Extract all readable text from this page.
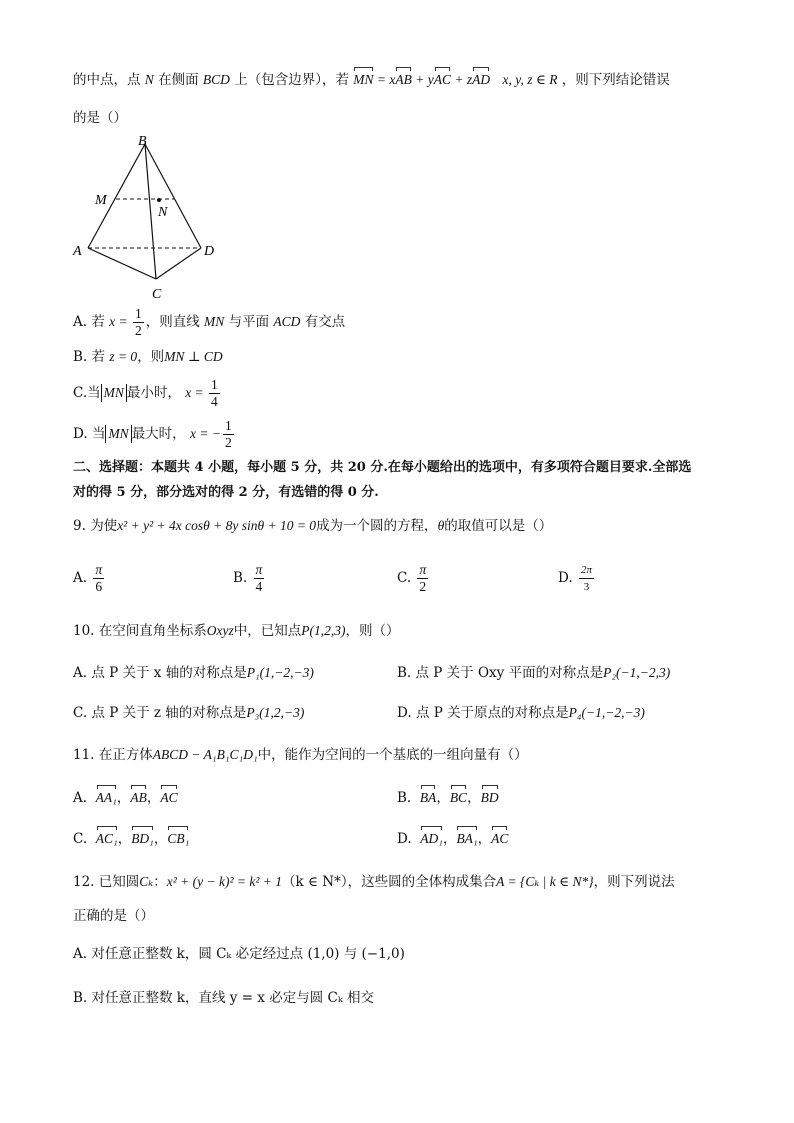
的中点，点 N 在侧面 BCD 上（包含边界），若 MN = xAB + yAC + zAD x, y, z ∈ R ，则下列结论错误
的是（）
B
M
N
A	D
C
A. 若 $x = \frac{1}{2}$ ，则直线 MN 与平面 ACD 有交点
B. 若 z = 0，则MN ⊥ CD
C.当 MN 最小时， $x = \frac{1}{4}$
D. 当 MN 最大时， x = − $\frac{1}{2}$
二、选择题：本题共 4 小题，每小题 5 分，共 20 分.在每小题给出的选项中，有多项符合题目要求.全部选
对的得 5 分，部分选对的得 2 分，有选错的得 0 分.
9. 为使x² + y² + 4x cosθ + 8y sinθ + 10 = 0成为一个圆的方程，θ的取值可以是（）
A. $\frac{\pi}{6}$	B. $\frac{\pi}{4}$	C. $\frac{\pi}{2}$	D. $\frac{2\pi}{3}$
10. 在空间直角坐标系Oxyz中，已知点P(1,2,3)，则（）
A. 点 P 关于 x 轴的对称点是P₁(1,−2,−3)	B. 点 P 关于 Oxy 平面的对称点是P₂(−1,−2,3)
C. 点 P 关于 z 轴的对称点是P₃(1,2,−3)	D. 点 P 关于原点的对称点是P₄(−1,−2,−3)
11. 在正方体ABCD − A₁B₁C₁D₁中，能作为空间的一个基底的一组向量有（）
A. AA₁，AB，AC	B. BA，BC，BD
C. AC₁，BD₁，CB₁	D. AD₁，BA₁，AC
12. 已知圆Cₖ：x² + (y − k)² = k² + 1（k ∈ N*），这些圆的全体构成集合A = {Cₖ | k ∈ N*}，则下列说法
正确的是（）
A. 对任意正整数 k，圆 Cₖ 必定经过点 (1,0) 与 (−1,0)
B. 对任意正整数 k，直线 y = x 必定与圆 Cₖ 相交
